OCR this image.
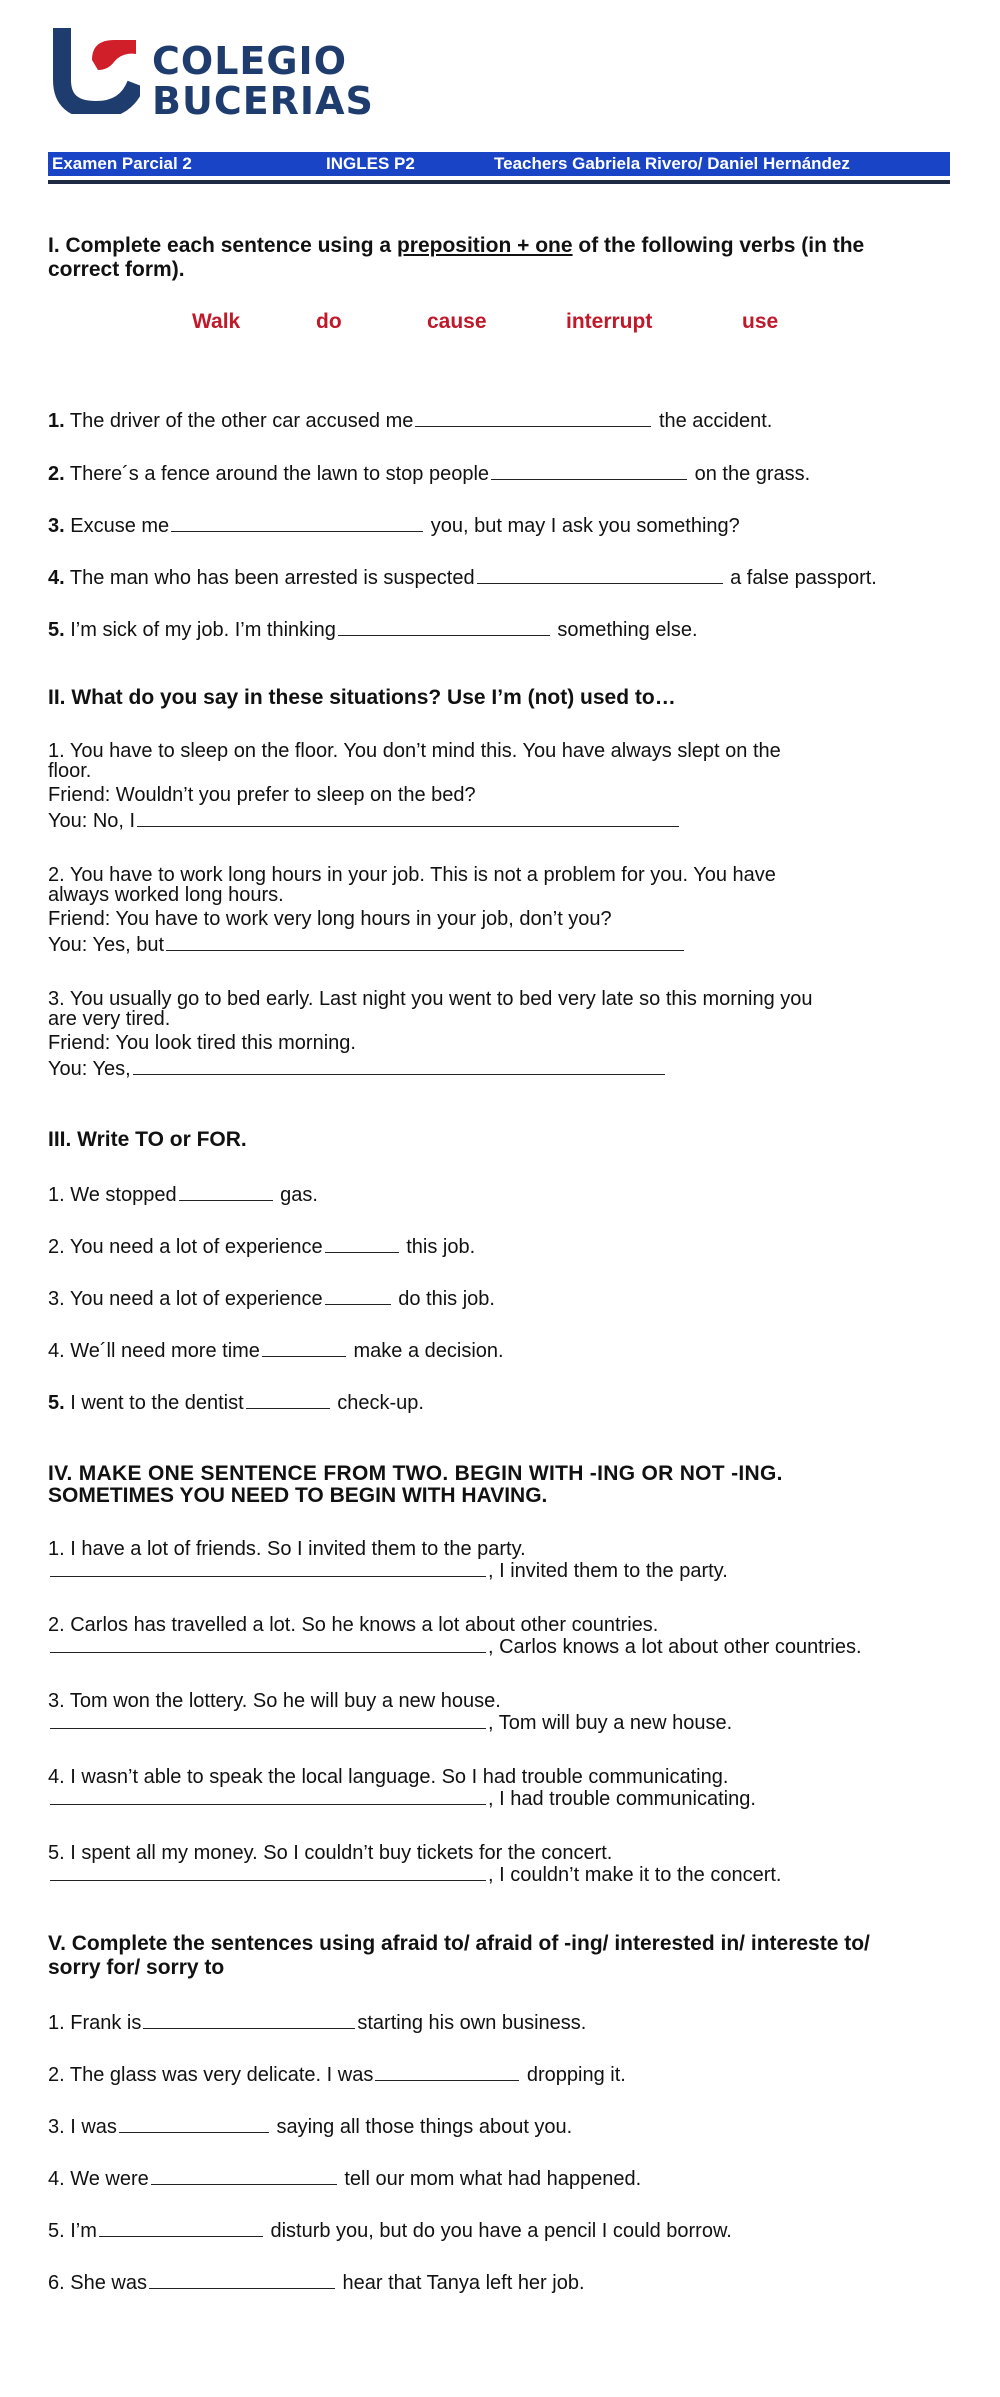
COLEGIO
BUCERIAS
Examen Parcial 2	INGLES P2	Teachers Gabriela Rivero/ Daniel Hernández
I. Complete each sentence using a preposition + one of the following verbs (in the
correct form).
Walk	do	cause	interrupt	use
1. The driver of the other car accused me	the accident.
2. There´s a fence around the lawn to stop people	on the grass.
3. Excuse me	you, but may I ask you something?
4. The man who has been arrested is suspected	a false passport.
5. I’m sick of my job. I’m thinking	something else.
II. What do you say in these situations? Use I’m (not) used to…
1. You have to sleep on the floor. You don’t mind this. You have always slept on the
floor.
Friend: Wouldn’t you prefer to sleep on the bed?
You: No, I
2. You have to work long hours in your job. This is not a problem for you. You have
always worked long hours.
Friend: You have to work very long hours in your job, don’t you?
You: Yes, but
3. You usually go to bed early. Last night you went to bed very late so this morning you
are very tired.
Friend: You look tired this morning.
You: Yes,
III. Write TO or FOR.
1. We stopped	gas.
2. You need a lot of experience	this job.
3. You need a lot of experience	do this job.
4. We´ll need more time	make a decision.
5. I went to the dentist	check-up.
IV. MAKE ONE SENTENCE FROM TWO. BEGIN WITH -ING OR NOT -ING.
SOMETIMES YOU NEED TO BEGIN WITH HAVING.
1. I have a lot of friends. So I invited them to the party.
, I invited them to the party.
2. Carlos has travelled a lot. So he knows a lot about other countries.
, Carlos knows a lot about other countries.
3. Tom won the lottery. So he will buy a new house.
, Tom will buy a new house.
4. I wasn’t able to speak the local language. So I had trouble communicating.
, I had trouble communicating.
5. I spent all my money. So I couldn’t buy tickets for the concert.
, I couldn’t make it to the concert.
V. Complete the sentences using afraid to/ afraid of -ing/ interested in/ intereste to/
sorry for/ sorry to
1. Frank is	starting his own business.
2. The glass was very delicate. I was	dropping it.
3. I was	saying all those things about you.
4. We were	tell our mom what had happened.
5. I’m	disturb you, but do you have a pencil I could borrow.
6. She was	hear that Tanya left her job.
